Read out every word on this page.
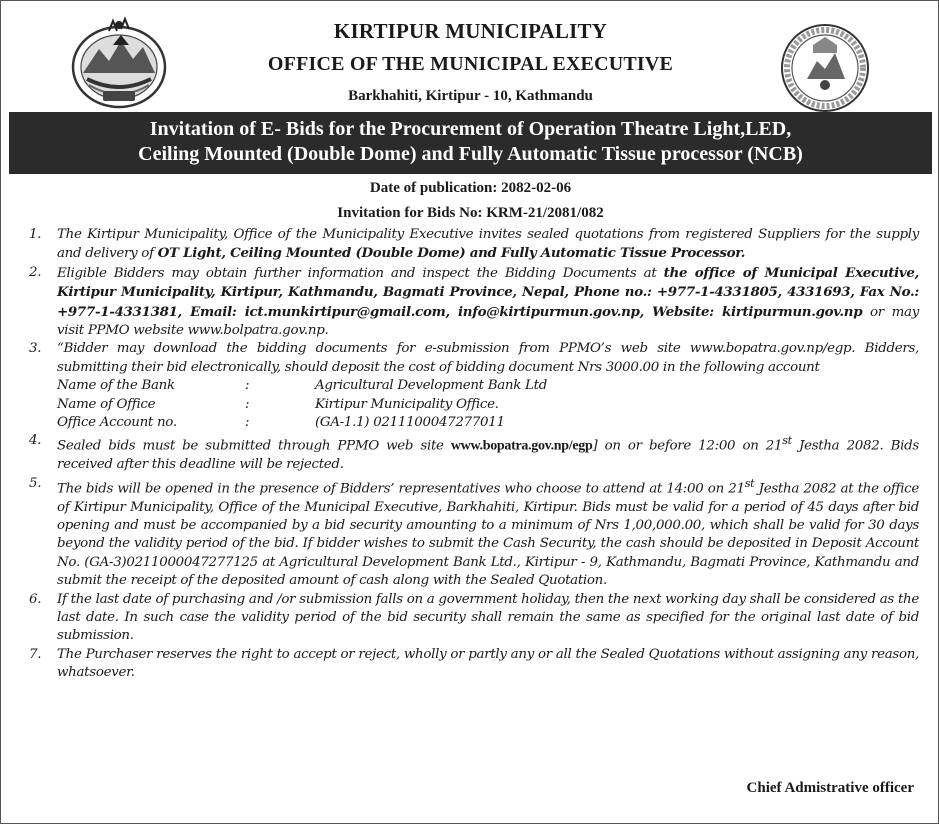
KIRTIPUR MUNICIPALITY
OFFICE OF THE MUNICIPAL EXECUTIVE
Barkhahiti, Kirtipur - 10, Kathmandu
Invitation of E- Bids for the Procurement of Operation Theatre Light,LED,
Ceiling Mounted (Double Dome) and Fully Automatic Tissue processor (NCB)
Date of publication: 2082-02-06
Invitation for Bids No: KRM-21/2081/082

1. The Kirtipur Municipality, Office of the Municipality Executive invites sealed quotations from registered Suppliers for the supply and delivery of OT Light, Ceiling Mounted (Double Dome) and Fully Automatic Tissue Processor.

2. Eligible Bidders may obtain further information and inspect the Bidding Documents at the office of Municipal Executive, Kirtipur Municipality, Kirtipur, Kathmandu, Bagmati Province, Nepal, Phone no.: +977-1-4331805, 4331693, Fax No.: +977-1-4331381, Email: ict.munkirtipur@gmail.com, info@kirtipurmun.gov.np, Website: kirtipurmun.gov.np or may visit PPMO website www.bolpatra.gov.np.

3. “Bidder may download the bidding documents for e-submission from PPMO’s web site www.bopatra.gov.np/egp. Bidders, submitting their bid electronically, should deposit the cost of bidding document Nrs 3000.00 in the following account
Name of the Bank	:	Agricultural Development Bank Ltd
Name of Office	:	Kirtipur Municipality Office.
Office Account no.	:	(GA-1.1) 0211100047277011

4. Sealed bids must be submitted through PPMO web site www.bopatra.gov.np/egp] on or before 12:00 on 21st Jestha 2082. Bids received after this deadline will be rejected.

5. The bids will be opened in the presence of Bidders’ representatives who choose to attend at 14:00 on 21st Jestha 2082 at the office of Kirtipur Municipality, Office of the Municipal Executive, Barkhahiti, Kirtipur. Bids must be valid for a period of 45 days after bid opening and must be accompanied by a bid security amounting to a minimum of Nrs 1,00,000.00, which shall be valid for 30 days beyond the validity period of the bid. If bidder wishes to submit the Cash Security, the cash should be deposited in Deposit Account No. (GA-3)0211000047277125 at Agricultural Development Bank Ltd., Kirtipur - 9, Kathmandu, Bagmati Province, Kathmandu and submit the receipt of the deposited amount of cash along with the Sealed Quotation.

6. If the last date of purchasing and /or submission falls on a government holiday, then the next working day shall be considered as the last date. In such case the validity period of the bid security shall remain the same as specified for the original last date of bid submission.

7. The Purchaser reserves the right to accept or reject, wholly or partly any or all the Sealed Quotations without assigning any reason, whatsoever.

Chief Admistrative officer
